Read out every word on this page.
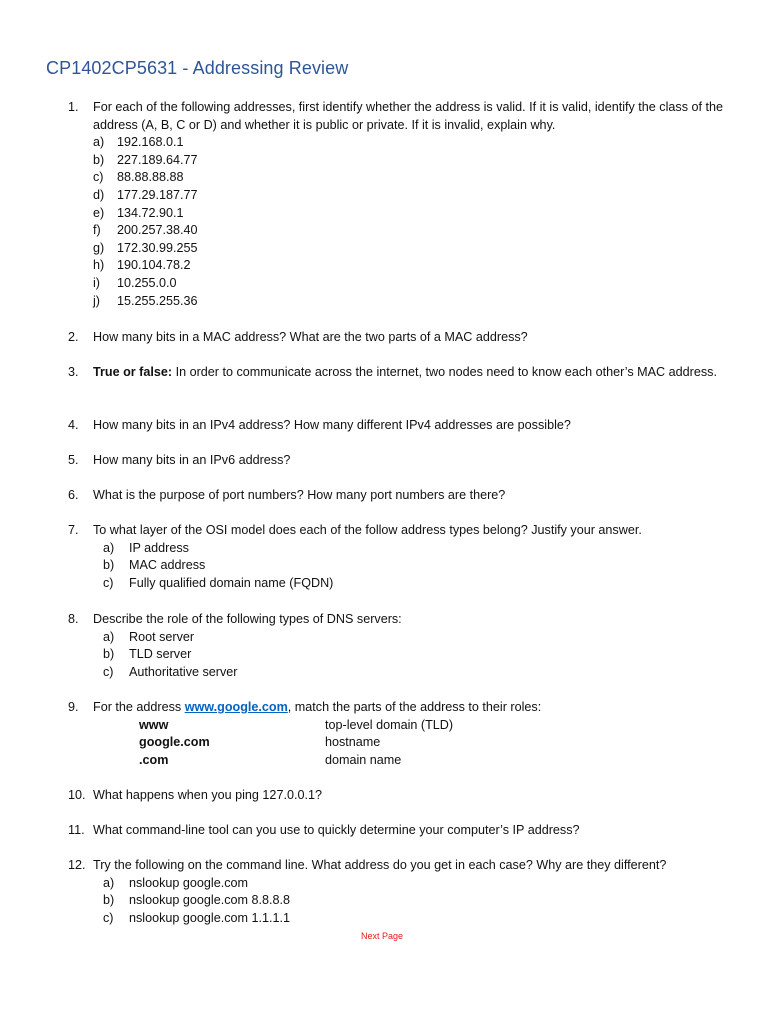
CP1402CP5631 - Addressing Review
1.	For each of the following addresses, first identify whether the address is valid. If it is valid, identify the class of the address (A, B, C or D) and whether it is public or private. If it is invalid, explain why.
a) 192.168.0.1
b) 227.189.64.77
c) 88.88.88.88
d) 177.29.187.77
e) 134.72.90.1
f) 200.257.38.40
g) 172.30.99.255
h) 190.104.78.2
i) 10.255.0.0
j) 15.255.255.36
2.	How many bits in a MAC address? What are the two parts of a MAC address?
3.	True or false: In order to communicate across the internet, two nodes need to know each other’s MAC address.
4.	How many bits in an IPv4 address? How many different IPv4 addresses are possible?
5.	How many bits in an IPv6 address?
6.	What is the purpose of port numbers? How many port numbers are there?
7.	To what layer of the OSI model does each of the follow address types belong? Justify your answer.
a) IP address
b) MAC address
c) Fully qualified domain name (FQDN)
8.	Describe the role of the following types of DNS servers:
a) Root server
b) TLD server
c) Authoritative server
9.	For the address www.google.com, match the parts of the address to their roles:
www	top-level domain (TLD)
google.com	hostname
.com	domain name
10. What happens when you ping 127.0.0.1?
11. What command-line tool can you use to quickly determine your computer’s IP address?
12. Try the following on the command line. What address do you get in each case? Why are they different?
a) nslookup google.com
b) nslookup google.com 8.8.8.8
c) nslookup google.com 1.1.1.1
Next Page
